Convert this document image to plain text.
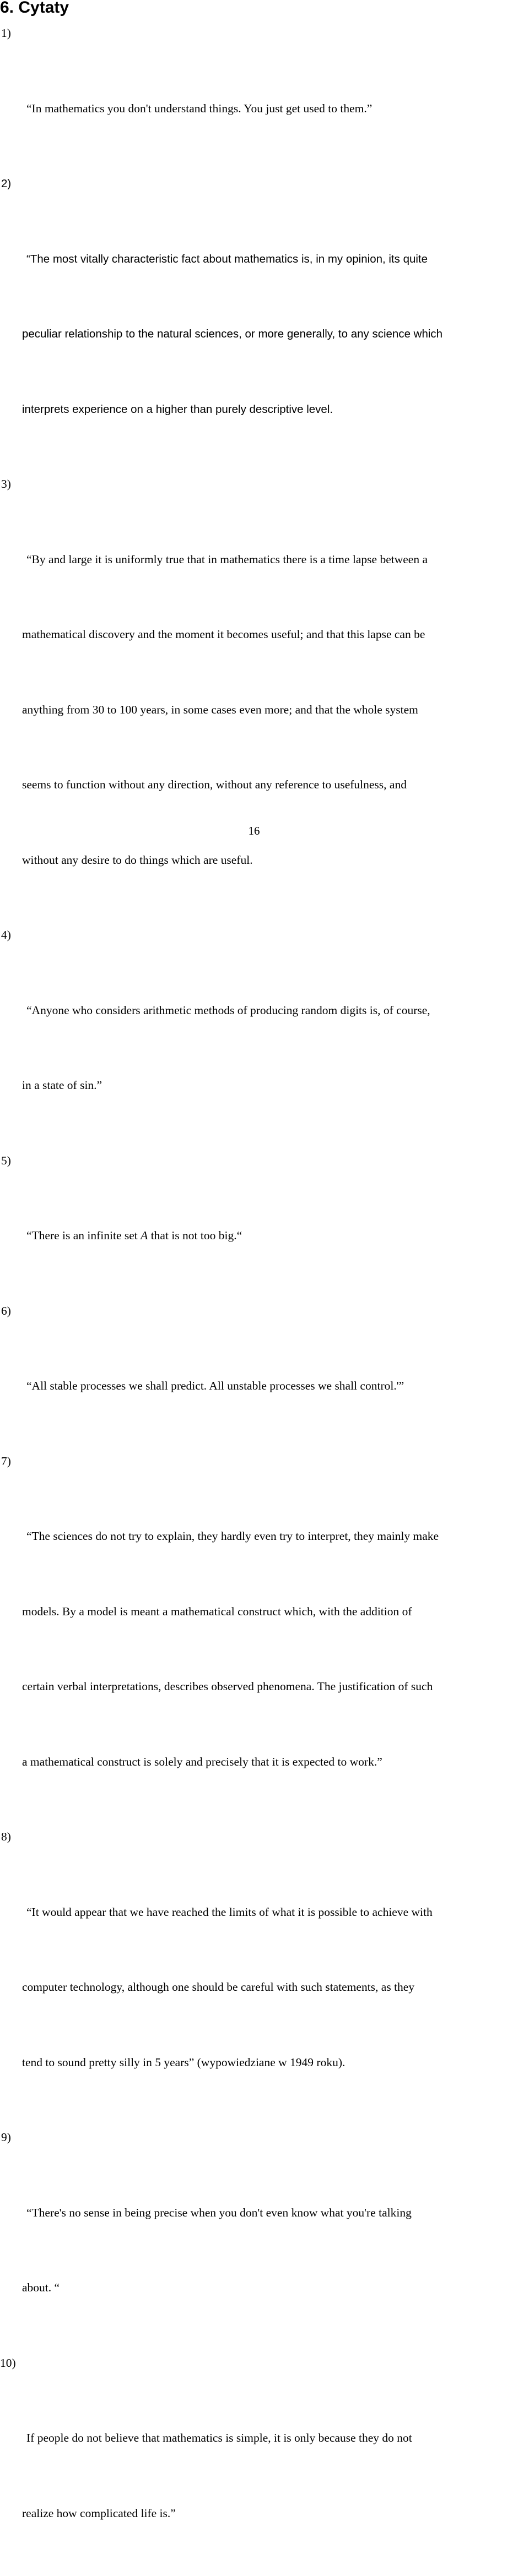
6. Cytaty

1)

“In mathematics you don't understand things. You just get used to them.”

2)

“The most vitally characteristic fact about mathematics is, in my opinion, its quite

peculiar relationship to the natural sciences, or more generally, to any science which

interprets experience on a higher than purely descriptive level.

3)

“By and large it is uniformly true that in mathematics there is a time lapse between a

mathematical discovery and the moment it becomes useful; and that this lapse can be

anything from 30 to 100 years, in some cases even more; and that the whole system

seems to function without any direction, without any reference to usefulness, and

without any desire to do things which are useful.

4)

“Anyone who considers arithmetic methods of producing random digits is, of course,

in a state of sin.”

5)

“There is an infinite set A that is not too big.“

6)

“All stable processes we shall predict. All unstable processes we shall control.'”

7)

“The sciences do not try to explain, they hardly even try to interpret, they mainly make

models. By a model is meant a mathematical construct which, with the addition of

certain verbal interpretations, describes observed phenomena. The justification of such

a mathematical construct is solely and precisely that it is expected to work.”

8)

“It would appear that we have reached the limits of what it is possible to achieve with

computer technology, although one should be careful with such statements, as they

tend to sound pretty silly in 5 years” (wypowiedziane w 1949 roku).

9)

“There's no sense in being precise when you don't even know what you're talking

about. “

10)

If people do not believe that mathematics is simple, it is only because they do not

realize how complicated life is.”

16
